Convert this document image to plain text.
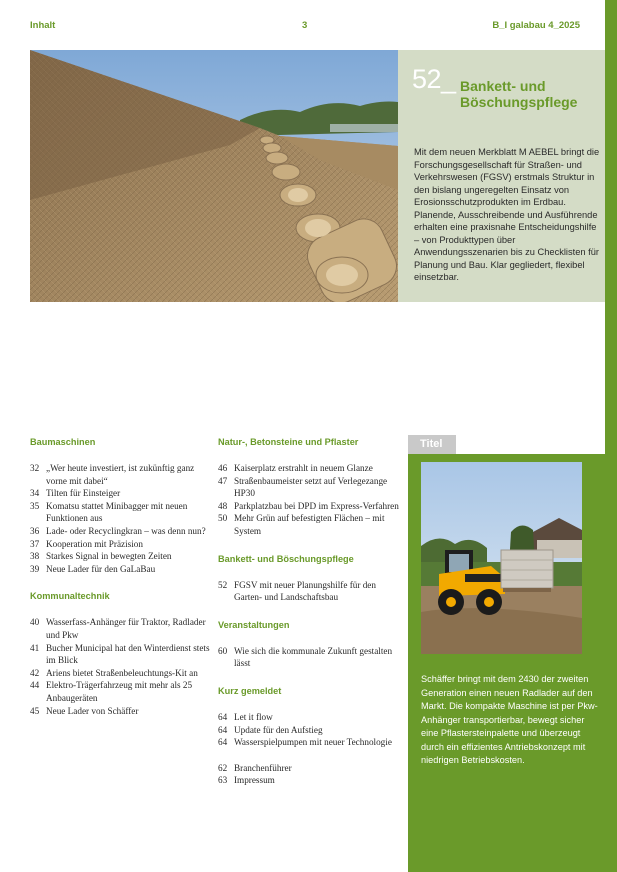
Inhalt	3	B_I galabau 4_2025
52_ Bankett- und Böschungspflege
Mit dem neuen Merkblatt M AEBEL bringt die Forschungsgesellschaft für Straßen- und Verkehrswesen (FGSV) erstmals Struktur in den bislang ungeregelten Einsatz von Erosionsschutzprodukten im Erdbau. Planende, Ausschreibende und Ausführende erhalten eine praxisnahe Entscheidungshilfe – von Produkttypen über Anwendungsszenarien bis zu Checklisten für Planung und Bau. Klar gegliedert, flexibel einsetzbar.
Baumaschinen
32 „Wer heute investiert, ist zukünftig ganz vorne mit dabei“
34 Tilten für Einsteiger
35 Komatsu stattet Minibagger mit neuen Funktionen aus
36 Lade- oder Recyclingkran – was denn nun?
37 Kooperation mit Präzision
38 Starkes Signal in bewegten Zeiten
39 Neue Lader für den GaLaBau
Kommunaltechnik
40 Wasserfass-Anhänger für Traktor, Radlader und Pkw
41 Bucher Municipal hat den Winterdienst stets im Blick
42 Ariens bietet Straßenbeleuchtungs-Kit an
44 Elektro-Trägerfahrzeug mit mehr als 25 Anbaugeräten
45 Neue Lader von Schäffer
Natur-, Betonsteine und Pflaster
46 Kaiserplatz erstrahlt in neuem Glanze
47 Straßenbaumeister setzt auf Verlegezange HP30
48 Parkplatzbau bei DPD im Express-Verfahren
50 Mehr Grün auf befestigten Flächen – mit System
Bankett- und Böschungspflege
52 FGSV mit neuer Planungshilfe für den Garten- und Landschaftsbau
Veranstaltungen
60 Wie sich die kommunale Zukunft gestalten lässt
Kurz gemeldet
64 Let it flow
64 Update für den Aufstieg
64 Wasserspielpumpen mit neuer Technologie
62 Branchenführer
63 Impressum
Titel
Schäffer bringt mit dem 2430 der zweiten Generation einen neuen Radlader auf den Markt. Die kompakte Maschine ist per Pkw-Anhänger transportierbar, bewegt sicher eine Pflastersteinpalette und überzeugt durch ein effizientes Antriebskonzept mit niedrigen Betriebskosten.
